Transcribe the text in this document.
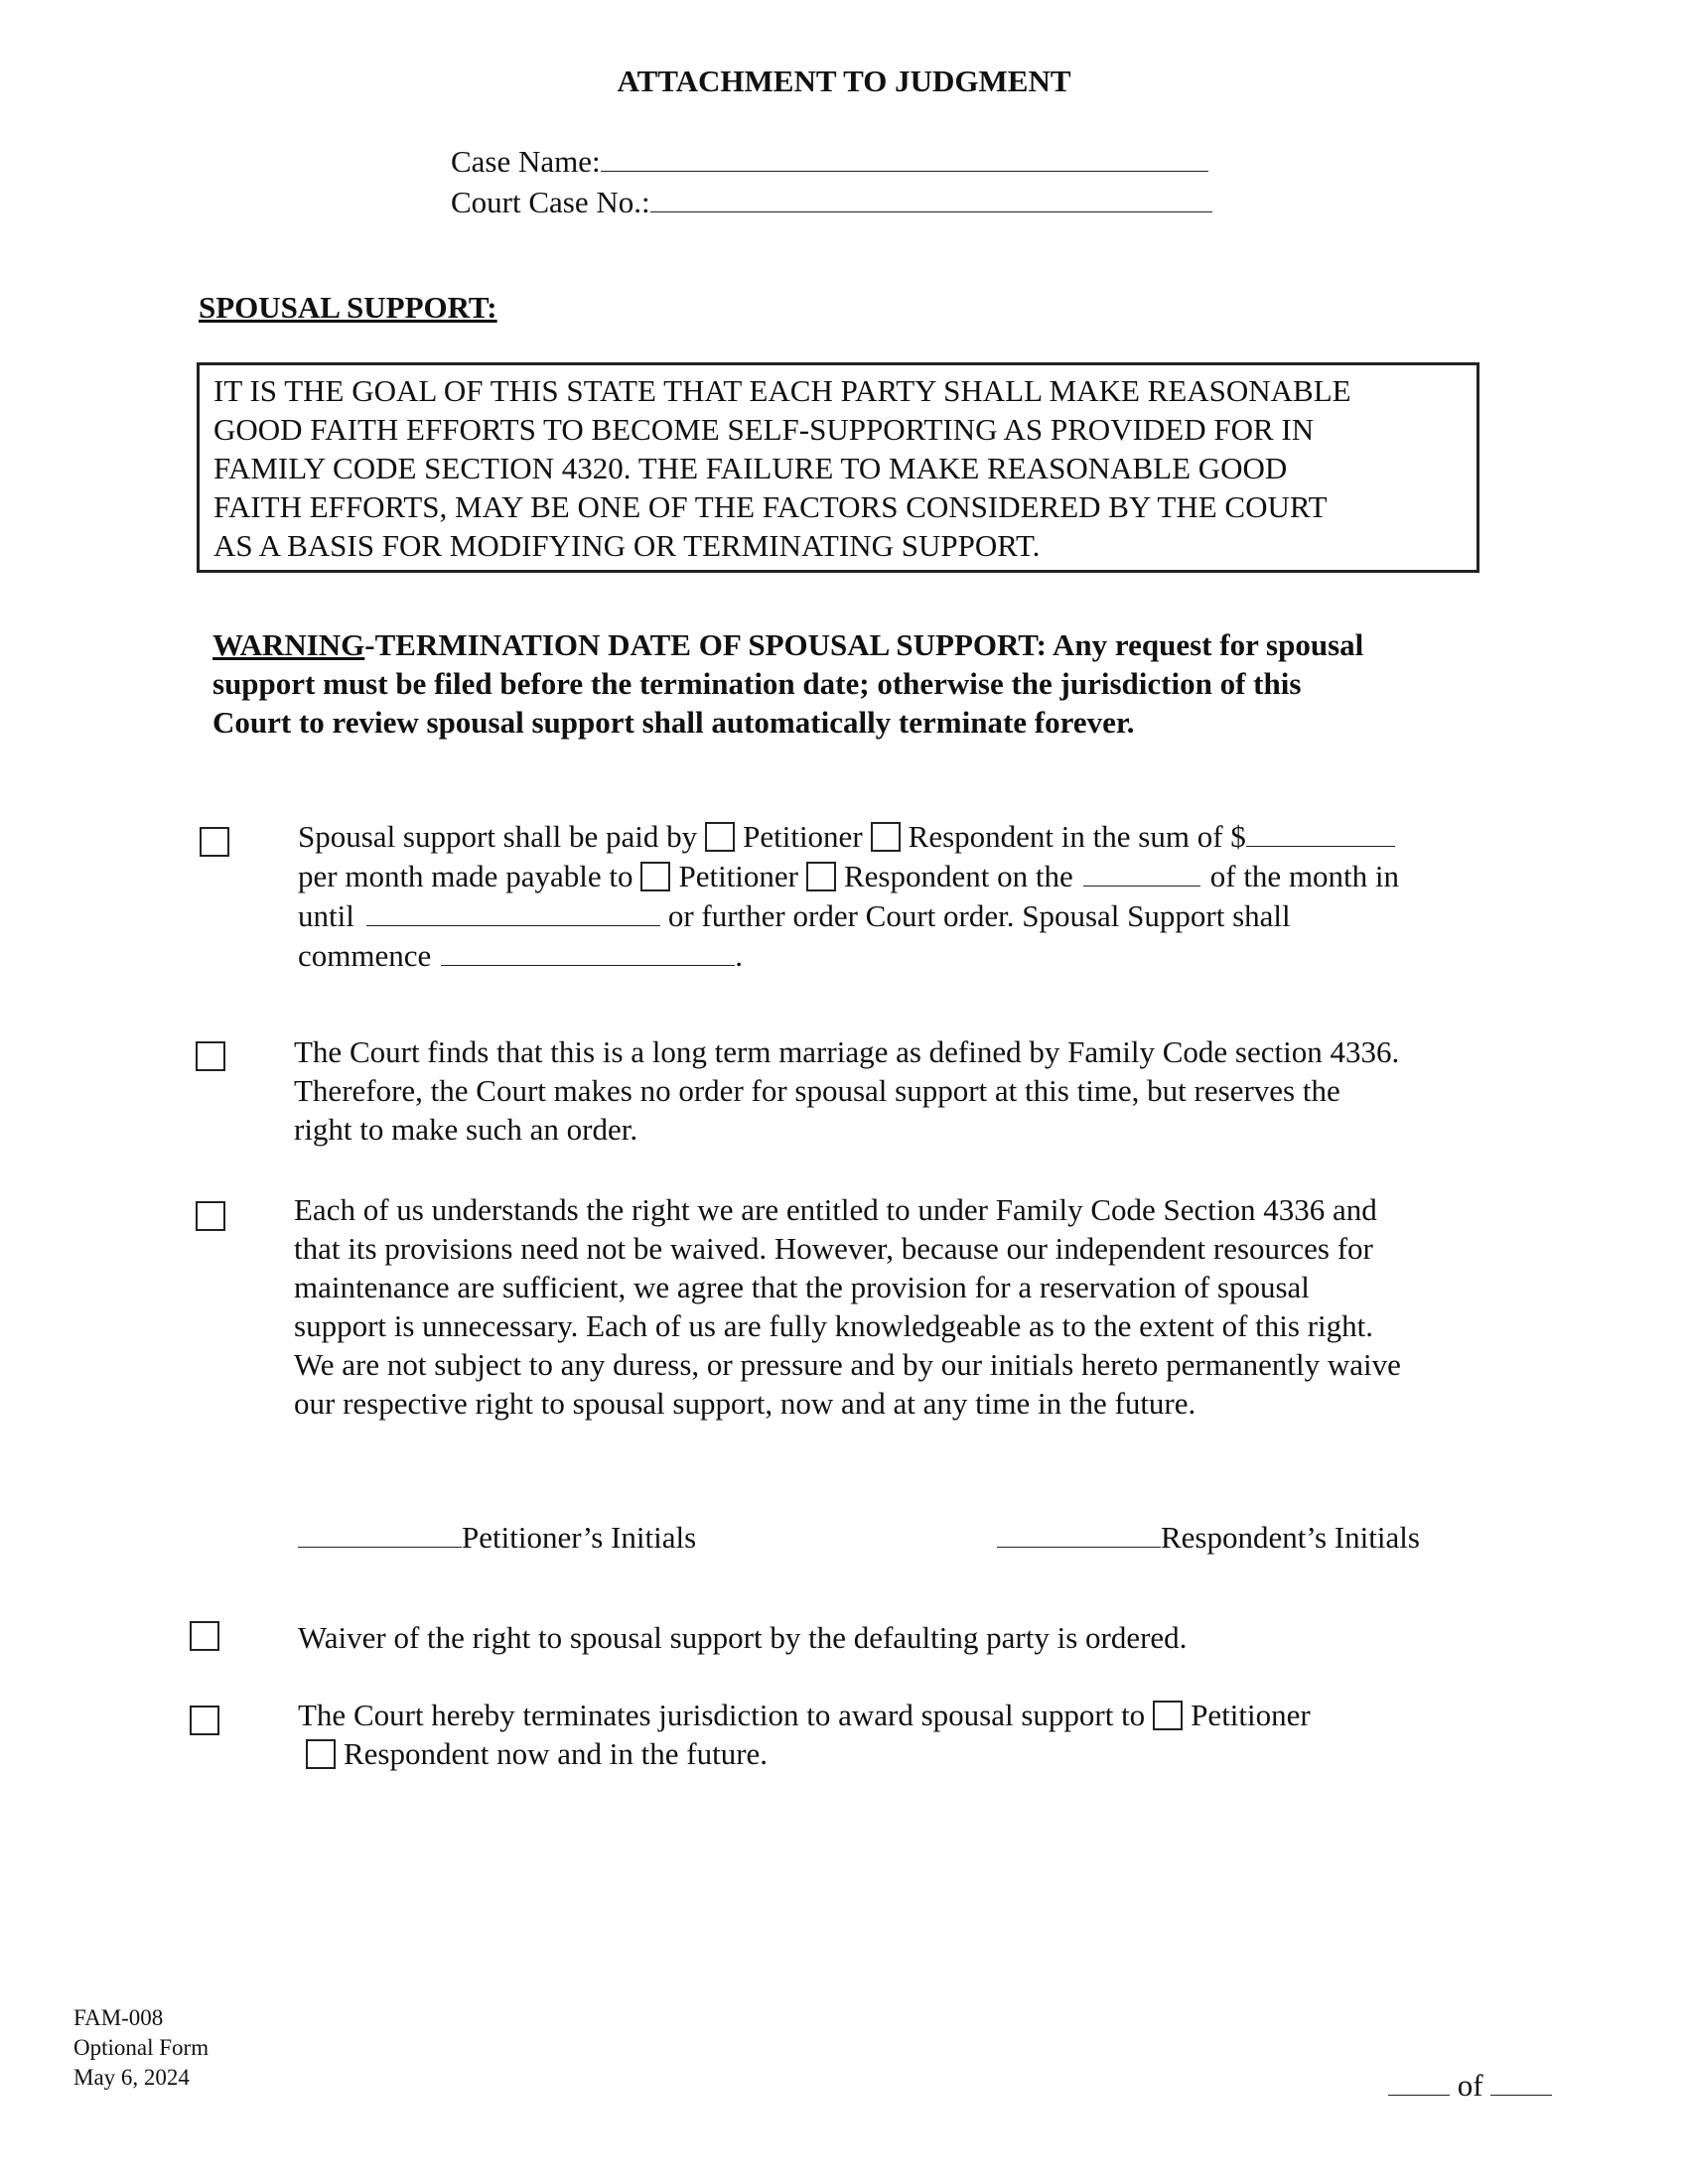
ATTACHMENT TO JUDGMENT
Case Name:
Court Case No.:
SPOUSAL SUPPORT:
IT IS THE GOAL OF THIS STATE THAT EACH PARTY SHALL MAKE REASONABLE
GOOD FAITH EFFORTS TO BECOME SELF-SUPPORTING AS PROVIDED FOR IN
FAMILY CODE SECTION 4320. THE FAILURE TO MAKE REASONABLE GOOD
FAITH EFFORTS, MAY BE ONE OF THE FACTORS CONSIDERED BY THE COURT
AS A BASIS FOR MODIFYING OR TERMINATING SUPPORT.
WARNING-TERMINATION DATE OF SPOUSAL SUPPORT: Any request for spousal
support must be filed before the termination date; otherwise the jurisdiction of this
Court to review spousal support shall automatically terminate forever.
Spousal support shall be paid by Petitioner Respondent in the sum of $
per month made payable to Petitioner Respondent on the	of the month in
until	or further order Court order. Spousal Support shall
commence	.
The Court finds that this is a long term marriage as defined by Family Code section 4336.
Therefore, the Court makes no order for spousal support at this time, but reserves the
right to make such an order.
Each of us understands the right we are entitled to under Family Code Section 4336 and
that its provisions need not be waived. However, because our independent resources for
maintenance are sufficient, we agree that the provision for a reservation of spousal
support is unnecessary. Each of us are fully knowledgeable as to the extent of this right.
We are not subject to any duress, or pressure and by our initials hereto permanently waive
our respective right to spousal support, now and at any time in the future.
Petitioner’s Initials	Respondent’s Initials
Waiver of the right to spousal support by the defaulting party is ordered.
The Court hereby terminates jurisdiction to award spousal support to Petitioner
Respondent now and in the future.
FAM-008
Optional Form
May 6, 2024	of
